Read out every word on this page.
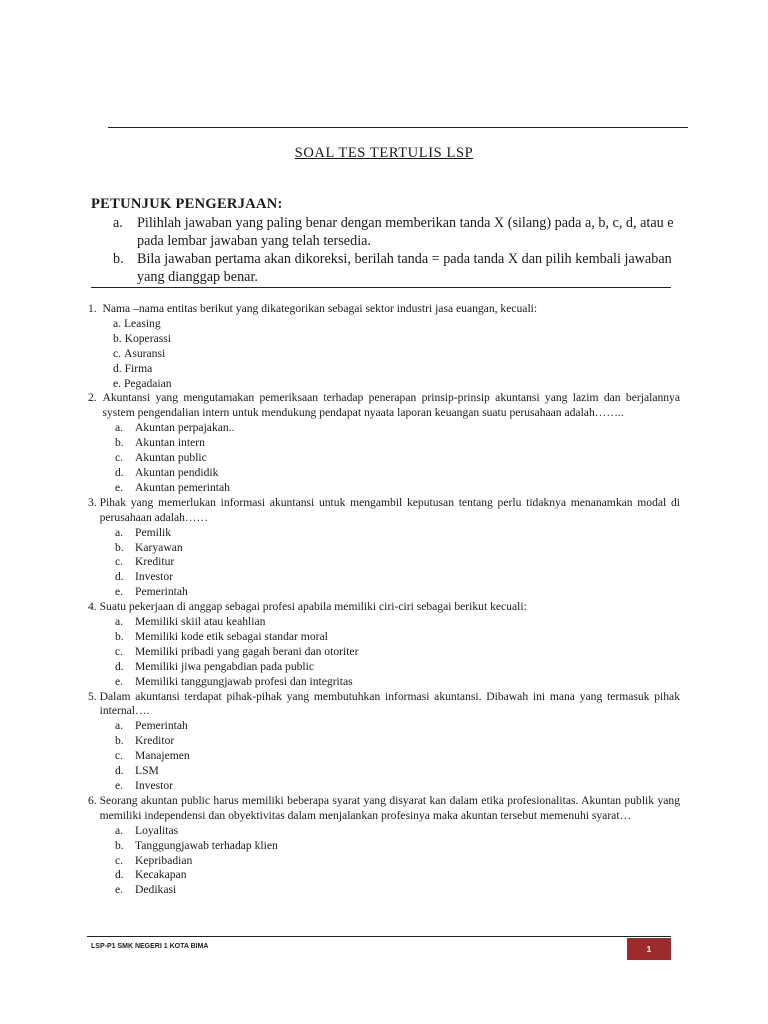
SOAL TES TERTULIS LSP
PETUNJUK PENGERJAAN:
a. Pilihlah jawaban yang paling benar dengan memberikan tanda X (silang) pada a, b, c, d, atau e pada lembar jawaban yang telah tersedia.
b. Bila jawaban pertama akan dikoreksi, berilah tanda = pada tanda X dan pilih kembali jawaban yang dianggap benar.
1. Nama –nama entitas berikut yang dikategorikan sebagai sektor industri jasa euangan, kecuali:
a. Leasing
b. Koperassi
c. Asuransi
d. Firma
e. Pegadaian
2. Akuntansi yang mengutamakan pemeriksaan terhadap penerapan prinsip-prinsip akuntansi yang lazim dan berjalannya system pengendalian intern untuk mendukung pendapat nyaata laporan keuangan suatu perusahaan adalah……..
a.	Akuntan perpajakan..
b. Akuntan intern
c.	Akuntan public
d. Akuntan pendidik
e.	Akuntan pemerintah
3. Pihak yang memerlukan informasi akuntansi untuk mengambil keputusan tentang perlu tidaknya menanamkan modal di perusahaan adalah……
a.	Pemilik
b. Karyawan
c.	Kreditur
d. Investor
e.	Pemerintah
4. Suatu pekerjaan di anggap sebagai profesi apabila memiliki ciri-ciri sebagai berikut kecuali:
a.	Memiliki skiil atau keahlian
b. Memiliki kode etik sebagai standar moral
c.	Memiliki pribadi yang gagah berani dan otoriter
d. Memiliki jiwa pengabdian pada public
e.	Memiliki tanggungjawab profesi dan integritas
5. Dalam akuntansi terdapat pihak-pihak yang membutuhkan informasi akuntansi. Dibawah ini mana yang termasuk pihak internal….
a.	Pemerintah
b. Kreditor
c.	Manajemen
d. LSM
e.	Investor
6. Seorang akuntan public harus memiliki beberapa syarat yang disyarat kan dalam etika profesionalitas. Akuntan publik yang memiliki independensi dan obyektivitas dalam menjalankan profesinya maka akuntan tersebut memenuhi syarat…
a.	Loyalitas
b. Tanggungjawab terhadap klien
c.	Kepribadian
d. Kecakapan
e.	Dedikasi
LSP-P1 SMK NEGERI 1 KOTA BIMA	1
